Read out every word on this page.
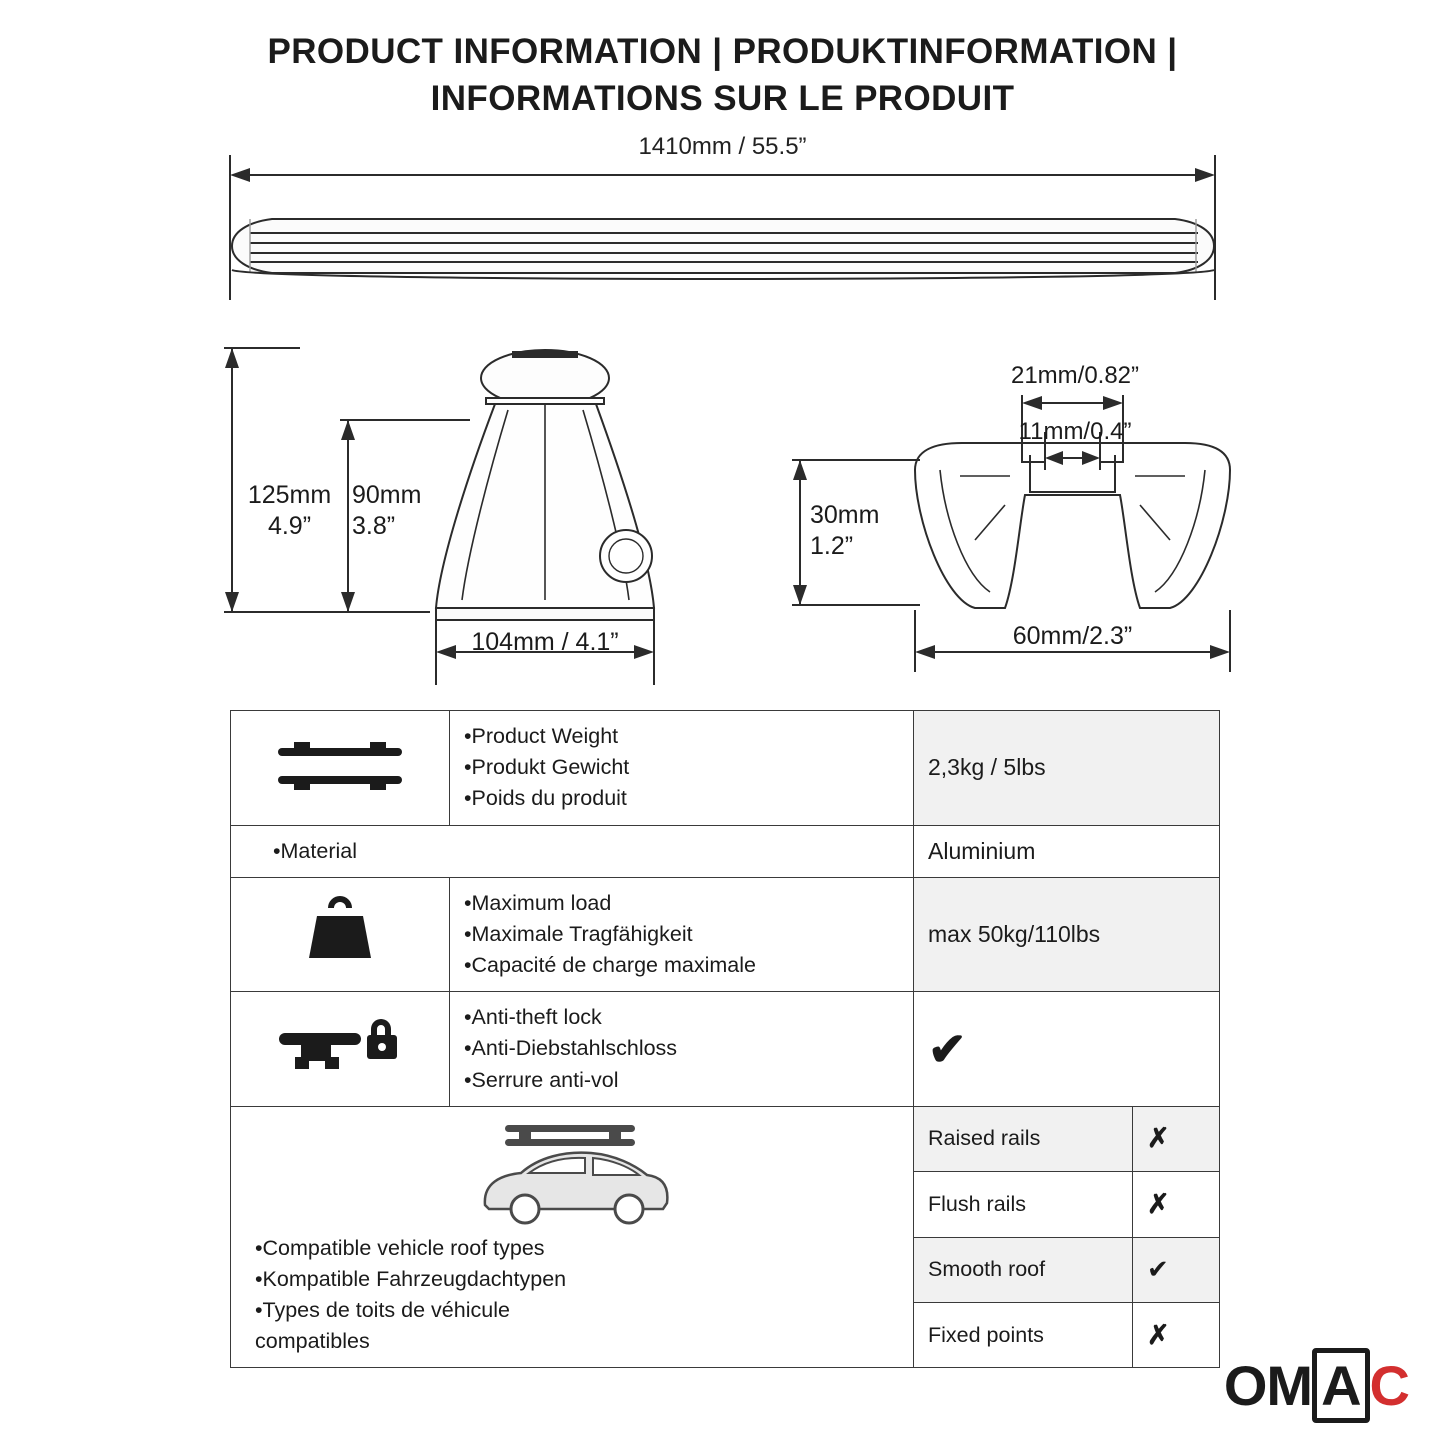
PRODUCT INFORMATION | PRODUKTINFORMATION |
INFORMATIONS SUR LE PRODUIT
1410mm / 55.5”
125mm
4.9”
90mm
3.8”
104mm / 4.1”
21mm/0.82”
11mm/0.4”
30mm
1.2”
60mm/2.3”

•Product Weight
•Produkt Gewicht
•Poids du produit	2,3kg / 5lbs	

•Material		Aluminium	

•Maximum load
•Maximale Tragfähigkeit
•Capacité de charge maximale	max 50kg/110lbs	

•Anti-theft lock
•Anti-Diebstahlschloss
•Serrure anti-vol	✔	

•Compatible vehicle roof types
•Kompatible Fahrzeugdachtypen
•Types de toits de véhicule
compatibles		Raised rails	✗
		Flush rails	✗
		Smooth roof	✔
		Fixed points	✗
OM A C
